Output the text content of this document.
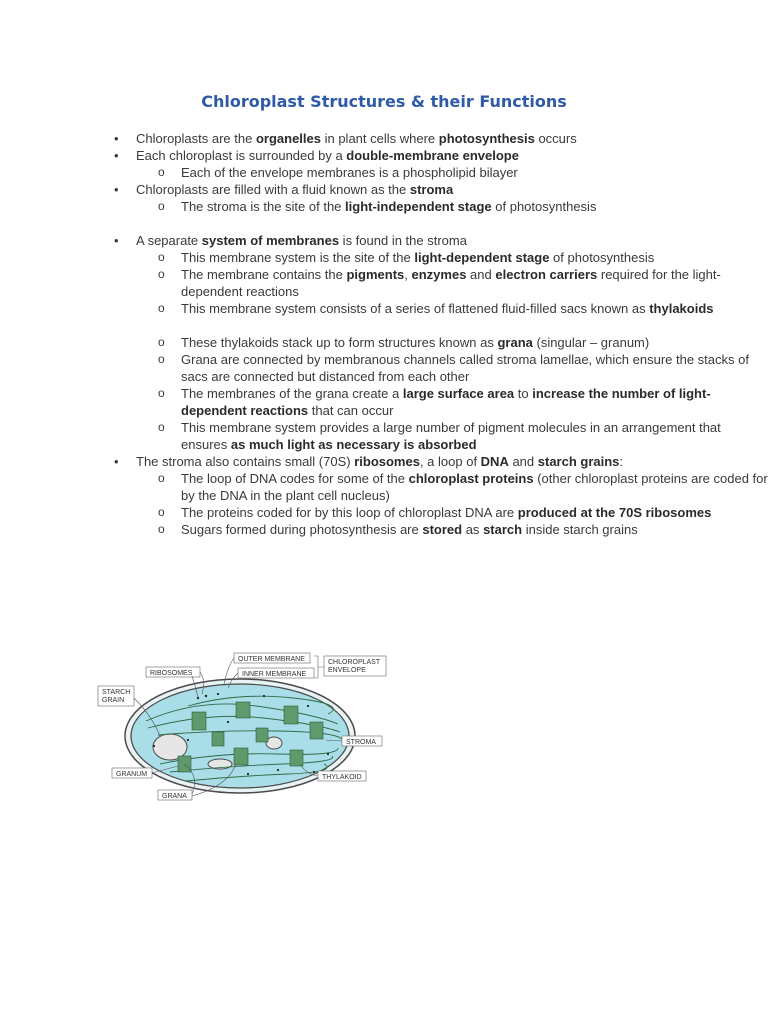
Chloroplast Structures & their Functions
• Chloroplasts are the organelles in plant cells where photosynthesis occurs
• Each chloroplast is surrounded by a double-membrane envelope
o Each of the envelope membranes is a phospholipid bilayer
• Chloroplasts are filled with a fluid known as the stroma
o The stroma is the site of the light-independent stage of photosynthesis
• A separate system of membranes is found in the stroma
o This membrane system is the site of the light-dependent stage of photosynthesis
o The membrane contains the pigments, enzymes and electron carriers required for the light-dependent reactions
o This membrane system consists of a series of flattened fluid-filled sacs known as thylakoids
o These thylakoids stack up to form structures known as grana (singular – granum)
o Grana are connected by membranous channels called stroma lamellae, which ensure the stacks of sacs are connected but distanced from each other
o The membranes of the grana create a large surface area to increase the number of light-dependent reactions that can occur
o This membrane system provides a large number of pigment molecules in an arrangement that ensures as much light as necessary is absorbed
• The stroma also contains small (70S) ribosomes, a loop of DNA and starch grains:
o The loop of DNA codes for some of the chloroplast proteins (other chloroplast proteins are coded for by the DNA in the plant cell nucleus)
o The proteins coded for by this loop of chloroplast DNA are produced at the 70S ribosomes
o Sugars formed during photosynthesis are stored as starch inside starch grains
OUTER MEMBRANE
INNER MEMBRANE
RIBOSOMES
CHLOROPLAST
ENVELOPE
STARCH
GRAIN
STROMA
GRANUM	THYLAKOID
GRANA
